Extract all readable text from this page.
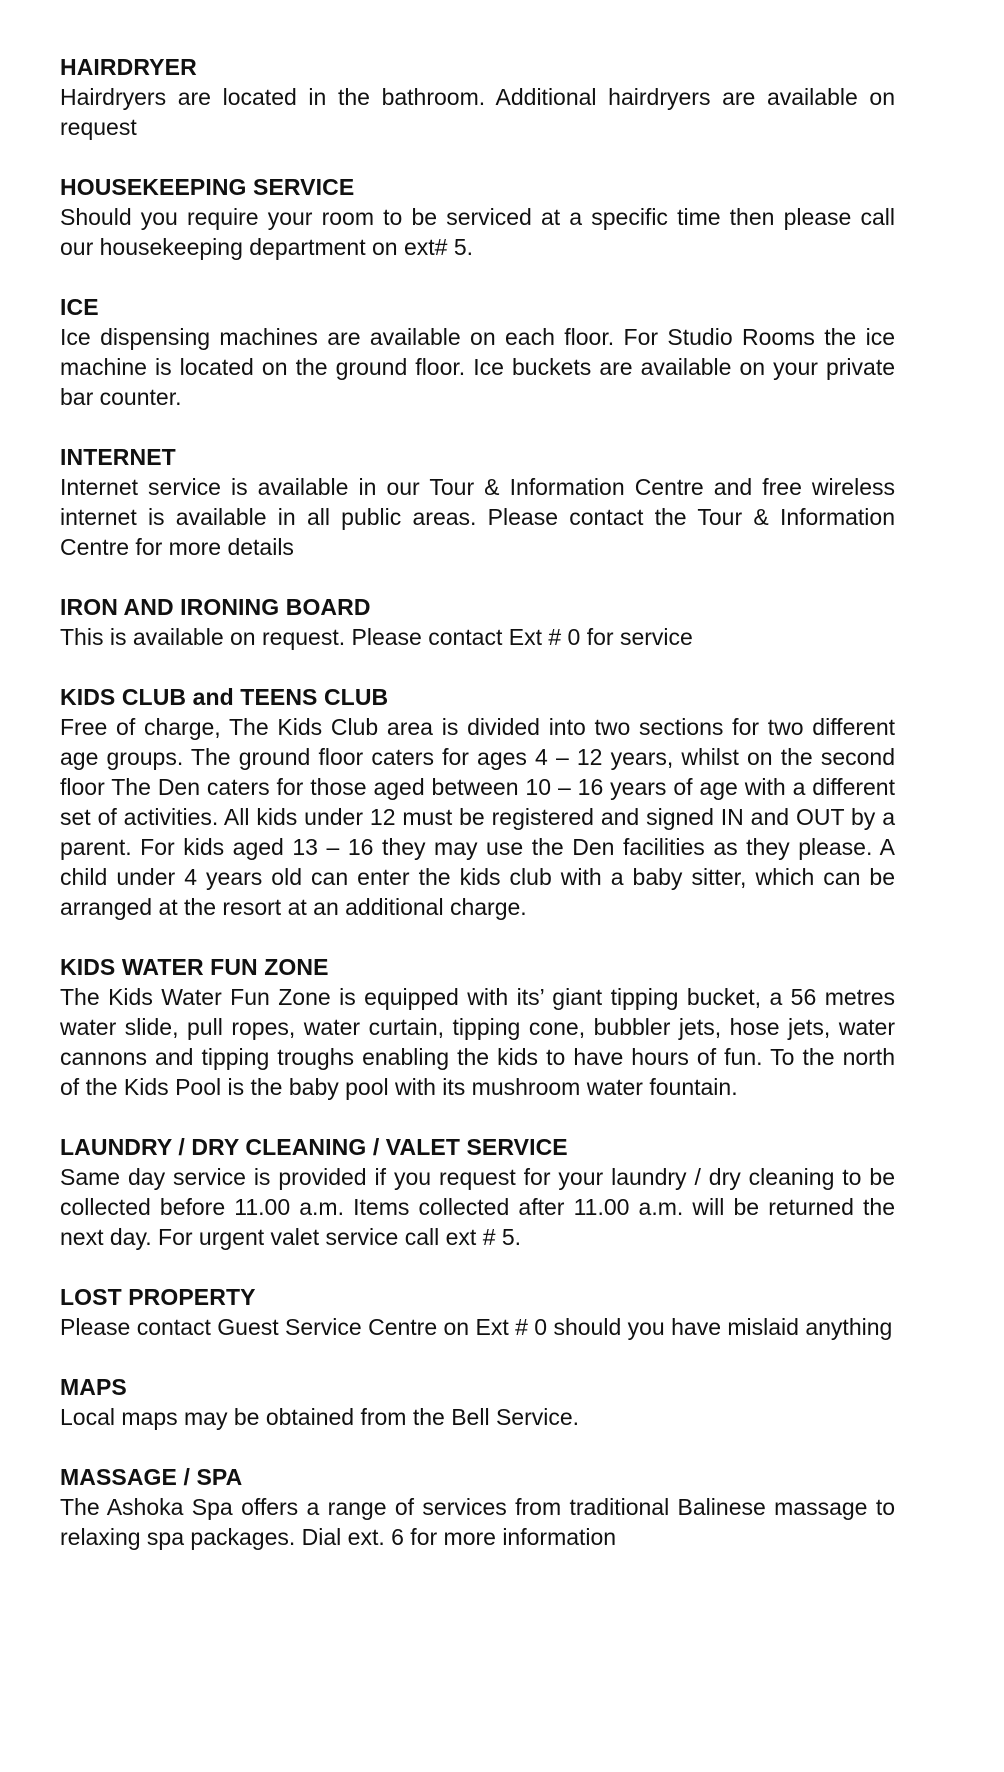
HAIRDRYER

Hairdryers are located in the bathroom. Additional hairdryers are available on request

HOUSEKEEPING SERVICE

Should you require your room to be serviced at a specific time then please call our housekeeping department on ext# 5.

ICE

Ice dispensing machines are available on each floor. For Studio Rooms the ice machine is located on the ground floor. Ice buckets are available on your private bar counter.

INTERNET

Internet service is available in our Tour & Information Centre and free wireless internet is available in all public areas. Please contact the Tour & Information Centre for more details

IRON AND IRONING BOARD

This is available on request. Please contact Ext # 0 for service

KIDS CLUB and TEENS CLUB

Free of charge, The Kids Club area is divided into two sections for two different age groups. The ground floor caters for ages 4 – 12 years, whilst on the second floor The Den caters for those aged between 10 – 16 years of age with a different set of activities. All kids under 12 must be registered and signed IN and OUT by a parent. For kids aged 13 – 16 they may use the Den facilities as they please. A child under 4 years old can enter the kids club with a baby sitter, which can be arranged at the resort at an additional charge.

KIDS WATER FUN ZONE

The Kids Water Fun Zone is equipped with its’ giant tipping bucket, a 56 metres water slide, pull ropes, water curtain, tipping cone, bubbler jets, hose jets, water cannons and tipping troughs enabling the kids to have hours of fun. To the north of the Kids Pool is the baby pool with its mushroom water fountain.

LAUNDRY / DRY CLEANING / VALET SERVICE

Same day service is provided if you request for your laundry / dry cleaning to be collected before 11.00 a.m. Items collected after 11.00 a.m. will be returned the next day. For urgent valet service call ext # 5.

LOST PROPERTY

Please contact Guest Service Centre on Ext # 0 should you have mislaid anything

MAPS

Local maps may be obtained from the Bell Service.

MASSAGE / SPA

The Ashoka Spa offers a range of services from traditional Balinese massage to relaxing spa packages. Dial ext. 6 for more information
